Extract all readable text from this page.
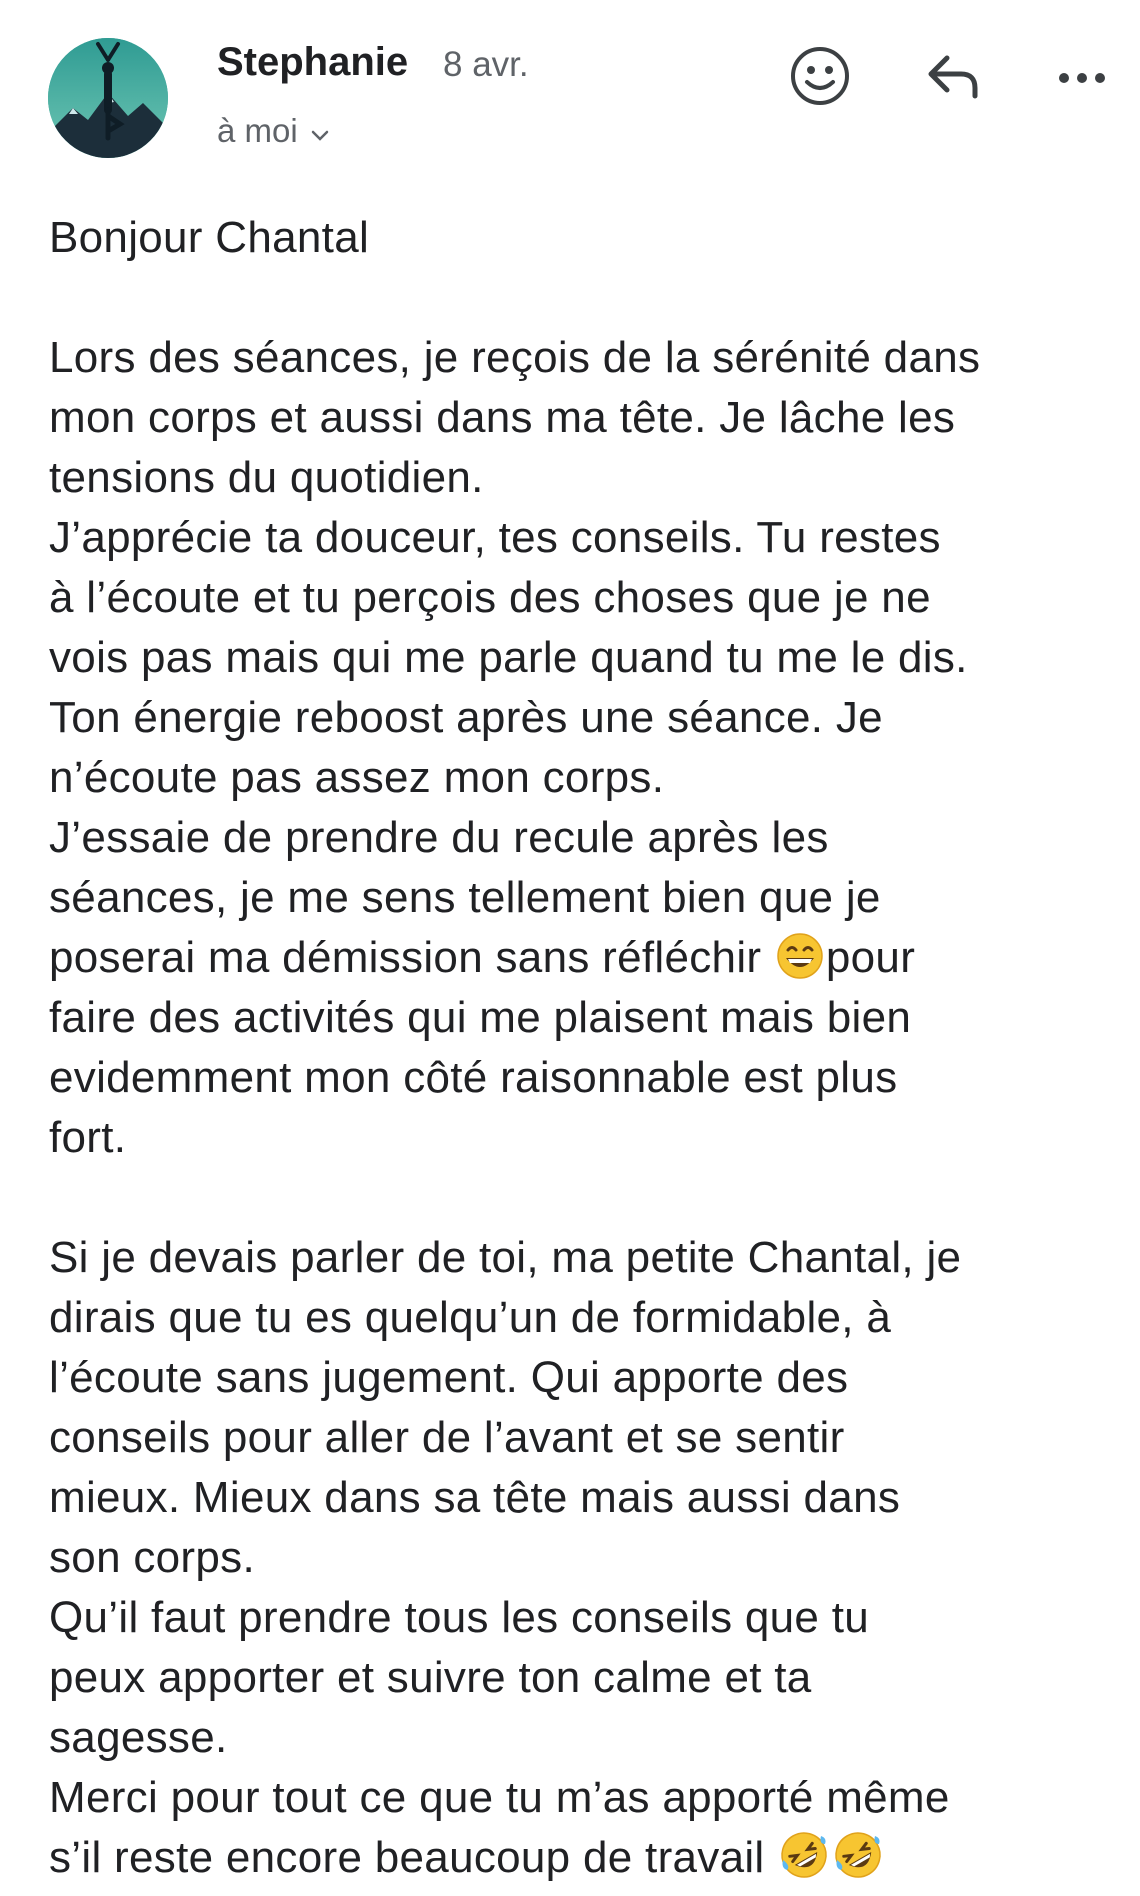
Stephanie 8 avr.
à moi
Bonjour Chantal
Lors des séances, je reçois de la sérénité dans
mon corps et aussi dans ma tête. Je lâche les
tensions du quotidien.
J’apprécie ta douceur, tes conseils. Tu restes
à l’écoute et tu perçois des choses que je ne
vois pas mais qui me parle quand tu me le dis.
Ton énergie reboost après une séance. Je
n’écoute pas assez mon corps.
J’essaie de prendre du recule après les
séances, je me sens tellement bien que je
poserai ma démission sans réfléchir pour
faire des activités qui me plaisent mais bien
evidemment mon côté raisonnable est plus
fort.
Si je devais parler de toi, ma petite Chantal, je
dirais que tu es quelqu’un de formidable, à
l’écoute sans jugement. Qui apporte des
conseils pour aller de l’avant et se sentir
mieux. Mieux dans sa tête mais aussi dans
son corps.
Qu’il faut prendre tous les conseils que tu
peux apporter et suivre ton calme et ta
sagesse.
Merci pour tout ce que tu m’as apporté même
s’il reste encore beaucoup de travail
